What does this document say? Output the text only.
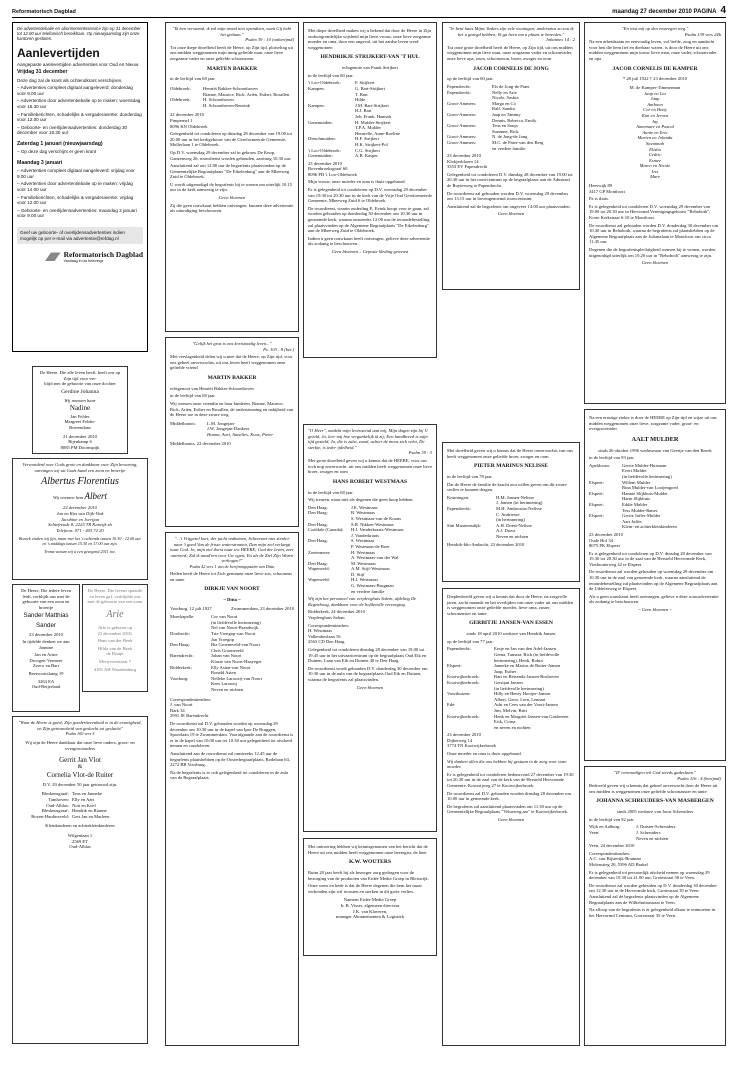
Reformatorisch Dagblad	maandag 27 december 2010 PAGINA 4
De advertentiebalie en abonnementsservice zijn op 31 december tot 12.00 uur telefonisch bereikbaar. Op nieuwjaarsdag zijn onze kantoren gesloten.
Aanlevertijden
Aangepaste aanlevertijden advertenties voor Oud en Nieuw.
Vrijdag 31 december
Deze dag zal de krant als ochtendkrant verschijnen.
– Advertenties compleet digitaal aangeleverd: donderdag voor 9.00 uur
– Advertenties door advertentiebalie op te maken: woensdag voor 15.30 uur
– Familieberichten, schadelijks & vergaderavertie: donderdag voor 12.00 uur
– Geboorte- en overlijdensadvertenties: donderdag 30 december voor 18.30 uur
Zaterdag 1 januari (nieuwjaarsdag)
– Op deze dag verschijnt er geen krant
Maandag 3 januari
– Advertenties compleet digitaal aangeleverd: vrijdag voor 9.00 uur
– Advertenties door advertentiebalie op te maken: vrijdag voor 14.00 uur
– Familieberichten, schadelijks & vergaderavertie: vrijdag voor 12.00 uur
– Geboorte- en overlijdensadvertenties: maandag 3 januari voor 9.00 uur
Geef uw geboorte- of overlijdensadvertenties indien mogelijk op per e-mail via advertentie@refdag.nl
Reformatorisch Dagblad
Vandaag in uw belevings
De Heere, Die alle leven heeft, heeft ons op Zijn tijd voor ver-
blijd met de geboorte van onze dochter
Gerdine Johanna
Wij noemen haar
Nadine
Jan Felder
Margreet Felder-
Boerendans
21 december 2010
Bijenkamp 6
8085 PM Doornspijk
Verwonderd over Gods grote en dankbaar voor Zijn bewaring, ontvingen wij uit Gods hand een zoon en broertje
Albertus Florentius
Wij noemen hem Albert
22 december 2010
Jan en Rixt van Dijk-Vink
Jacobine en Jorrijan
Schiefrende 8, 2225 TR Katwijk zh
Telefoon: 071 - 403 72 20
Bezoek vinden wij fijn, maar met het 's ochtends tussen 10.30 - 12.00 uur en 's middags tussen 15.30 en 17.00 uur zijn.
Tromz vanum wij u een gezegend 2011 toe.
De Heere, Die iedere leven leidt, verblijdt ons met de geboorte van een zoon en broertje
Sander Matthias
Sander
23 december 2010
In tijdelde denken we aan Jannine
Jan en Arine
Droogen-Vermeer
Zoeco en Bart
Beetvoortslaing 19
3263 EA
Oud-Beijerland
De Heere, Die levens spaarde en leven gaf, verblijdde ons met de geboorte van een zoon
Arie
Arie is geboren op
23 december 2010.
Hans van der Beek
Hilda van de Beek
de Bruijn
Mooywenstraat 7
4181 AH Waardenburg
"Want de Heere is goed; Zijn goedertierenheid is in de eeuwigheid, en Zijn getrouwheid van geslacht tot geslacht"
Psalm 100 vers 5
Wij zijn de Heere dankbaar dat onze lieve ouders, groot- en overgrootouders
Gerrit Jan Vlot
&
Cornelia Vlot-de Ruiter
D.V. 29 december 50 jaar getrouwd zijn.
Bleskensgraaf: Teus en Janneke
Tamhoven: Elly en Aart
Oud-Alblas: Noti en Koel
Bleskensgraaf: Hendrik en Rianne
Boven-Hardinxveld: Gert Jan en Marleen
Kleinkinderen en achterkleinkinderen
Wilgenlaan 1
2569 ET
Oud-Alblas
"Ik ben verstomd, ik zal mijn mond niet opendoen, want Gij hebt het gedaan."
Psalm 39 : 10 (onberijmd)
Tot onze diepe droefheid heeft de Heere, op Zijn tijd, plotseling uit ons midden weggenomen mijn innig geliefde man, onze lieve zorgzame vader en onze geliefde schoonzoon
MARTEN BAKKER
in de leeftijd van 68 jaar.
Oldebroek:	Henriët Bakker-Schoonhoven
Rianne, Maurice, Rick, Arièn, Esther, Rosallen
Oldebroek:	H. Schoonhoven
H. Schoonhoven-Reurink
22 december 2010
Pimpernel 1
8096 KN Oldebroek
Gelegenheid tot condoleren op dinsdag 28 december van 19.00 tot 20.00 uur in het kerkgebouw van de Gereformeerde Gemeente, Mullerlaan 1 te Oldebroek.
Op D.V. woensdag 29 december zal in gebouw De Knop, Ganzenweg 26, rouwdienst worden gehouden, aanvang 10.30 uur.
Aansluitend zal om 12.00 uur de begrafenis plaatsvinden op de Gemeentelijke Begraafplaats "De Eikelenburg" aan de Mheeweg Zuid te Oldebroek.
U wordt uitgenodigd de begrafenis bij te wonen om uiterlijk 10.15 uur in de kerk aanwezig te zijn.
Geen bloemen
Zij die geen rouwkaart hebben ontvangen, kunnen deze advertentie als uitnodiging beschouwen.
"Gelijk het gras is ons kortstondig leven..."
Ps. 103 : 8 (ber.)
Met verslagenheid delen wij u mee dat de Heere, op Zijn tijd, voor ons geheel onverwachts, uit ons leven heeft weggenomen onze geliefde vriend
MARTIN BAKKER
echtgenoot van Henriët Bakker-Schoonhoven
in de leeftijd van 68 jaar.
Wij wensen onze vriendin en haar kinderen, Rianne, Maurice, Rick, Arièn, Esther en Rosallen, de ondersteuning en nabijheid van de Heere toe in deze zware weg.
Middelharnis:	L.M. Jongejan-
J.W. Jongejan-Dankers
Hanna, Aart, Annelies, Koos, Pieter
Middelharnis, 22 december 2010
"...'t Vrijgezel kort, der jacht ontkomen, Schreeuwt niet sterker naar 't goed Van de frisse waterstromen, Dan mijn ziel verlangt naar God. Ja, mijn ziel dorst naar uw HEERE; God der leven, zeer ontroerd; Zal ik naad'ren voor Uw ogen; En als de Ziel Zijn Wezen verhogen?"
Psalm 42 vers 1 van de berijmingspsalm van Dittu
Heden heeft de Heere tot Zich genomen onze lieve zus, schoonzus en tante
DIRKJE VAN NOORT
~ Ditta ~
Voorburg, 12 juli 1927	Zwammerdam, 23 december 2010
Moerkapelle:	Cor van Noort
(in liefdevolle herinnering)
Nel van Noort-Brandwijk
Dordrecht:	Trie Vroegop-van Noort
Jan Vroegop
Den Haag:	Bia Groeneveld-van Noort
Chris Groeneveld
Barendrecht:	Johan van Noort
Klazie van Noort-Haayeger
Ridderkerk:	Elly Asten-van Noort
Ronald Asten
Voorburg:	Nelleke Laroozij-van Noort
Kees Laroozij
Neven en nichten
Correspondentieadres:
J. van Noort
Bark 34
2991 JE Barendrecht
De rouwdienst zal D.V. gehouden worden op woensdag 29 december om 10.30 uur in de kapel van Ipse De Bruggen, Spoorlaan 19 te Zwammerdam. Voorafgaande aan de rouwdienst is er in de kapel van 10.00 uur tot 10.30 uur gelegenheid tot afscheid nemen en condoleren.
Aansluitend aan de rouwdienst zal omstreeks 12.45 uur de begrafenis plaatshebben op de Oosterbegraafplaats, Rodelaan 64, 2272 BB Voorburg.
Na de begrafenis is er ook gelegenheid tot condoleren in de aula van de Begraafplaats.
Met diepe droefheid maken wij u bekend dat door de Heere in Zijn ondoorgrondelijke wijsheid mijn lieve vrouw, onze lieve zorgzame moeder en oma, door een ongeval, uit het aardse leven werd weggenomen
HENDRIKJE STRIJKERT-VAN 'T HUL
echtgenote van Frank Strijkert
in de leeftijd van 60 jaar.
't Loo-Oldebroek:	F. Strijkert
Kampen:	G. Bart-Strijkert
T. Bart
Hilde
Kampen:	J.M. Bart-Strijkert
H.J. Bart
Job, Frank, Hannah
Genemuiden:	H. Mulder-Strijkert
T.P.A. Mulder
Henrielle, Anne-Roeline
Dieschmuiden:	H.F. Strijkert
H.K. Strijkert-Pol
't Loo-Oldebroek:	C.G. Strijkert
Genemuiden:	A.B. Kasper
23 december 2010
Bovenbroeksgraaf 60
8096 PD 't Loo-Oldebroek
Mijn vrouw, onze moeder en oma is thuis opgebaard.
Er is gelegenheid tot condoleren op D.V. woensdag 29 december van 19.30 tot 20.30 uur in de kerk van de Vrije Oud Gereformeerde Gemeente, Mheeweg Zuid 6 te Oldebroek.
De rouwdienst, waarin ouderling E. Evink hoopt voor te gaan, zal worden gehouden op donderdag 30 december om 10.30 uur in genoemde kerk, waarna omstreeks 12.00 uur de teraardebestelling zal plaatsvinden op de Algemene Begraafplaats "De Eikelenburg" aan de Mheeweg Zuid te Oldebroek.
Indien u geen rouwkaart heeft ontvangen, gelieve deze advertentie als zodanig te beschouwen.
Geen bloemen – Gepaste kleding gewenst
"O Heer", ontdekt mijn levenseind aan mij, Mijn dagen zijn bij U geteld, Ja, leer mij hoe vergankelijk ik zij; Een handbreed is mijn tijd gesteld, Ja, die is zulst, zozal, achter de mens zich velet, De sterkte, is ieder ijdelheid."
Psalm 39 : 3
Met grote droefheid geven wij u kennis dat de HEERE, voor ons toch nog onverwacht, uit ons midden heeft weggenomen onze lieve broer, zwager en oom
HANS ROBERT WESTMAAS
in de leeftijd van 68 jaar.
Wij treuren, maar niet als degenen die geen hoop hebben.
Den Haag:	J.E. Westmaas
Den Haag:	B. Westmaas
S. Westmaas-van de Kraats
Den Haag:	S.B. Nikken-Westmaas
Coaldale (Canada):	H.J. Vanderkraats-Westmaas
J. Vanderkraats
Den Haag:	S. Westmaas
P. Westmaas-de Boer
Zoetermeer:	H. Westmaas
A. Westmaas-van der Wal
Den Haag:	M. Westmaas
Wapenveld:	A.M. Stijf-Westmaas
D. Stijf
Wapenveld:	H.J. Westmaas
G. Westmaas-Brugman
en verdere familie
Wij zijn het personeel van verpleeghuis Salem, afdeling De Regenboog, dankbaar voor de liefdevolle verzorging.
Ridderkerk, 24 december 2010
Verpleeghuis Salem
Correspondentieadres:
H. Westmaas
Valkenboslaan 16
2563 CD Den Haag
Gelegenheid tot condoleren dinsdag 28 december van 19.00 tot 19.45 uur in het uitvaartcentrum op de begraafplaats Oud Eik en Duinen, Laan van Eik en Duinen 40 te Den Haag.
De rouwdienst wordt gehouden D.V. donderdag 30 december om 10.30 uur in de aula van de begraafplaats Oud Eik en Duinen, waarna de begrafenis zal plaatsvinden.
Geen bloemen
Met ontroering hebben wij kennisgenomen van het bericht dat de Heere uit ons midden heeft weggenomen onze beeregtsr, de heer
K.W. WOUTERS
Ruim 20 jaar heeft hij als bezorger zorg gedragen voor de bezorging van de producten van Erdee Media Groep in Bleiswijk.
Onze wens en bede is dat de Heere degenen die hem het naast verbonden zijn wil troosten en sterken in dit grote verlies.
Namens Erdee Media Groep
Ir. B. Visser, algemeen directeur
J.K. van Klaveren,
manager Abonnementen & Logistiek
"Je bent haas Mijns Vaders zijn vele woningen; anderszins zo zou ik het u gezegd hebben; Ik ga heen om u plaats te bereiden."
Johannes 14 : 2
Tot onze grote droefheid heeft de Heere, op Zijn tijd, uit ons midden weggenomen mijn lieve man, onze zorgzame vader en schoonvader, onze lieve opa, zoon, schoonzoon, broer, zwager en oom
JACOB CORNELIS DE JONG
op de leeftijd van 60 jaar.
Papendrecht:	Els de Jong-de Pater
Papendrecht:	Nelly en Arie
Nicole, Saskia
Groot-Ammers:	Marga en Co
Ralf, Sandra
Groot-Ammers:	Jaap en Tammy
Dennis, Rebecca, Emily
Groot-Ammers:	Teus en Sonja
Suzanne, Rick
Groot-Ammers:	N. de Jong-de Jong
Groot-Ammers:	M.C. de Pater-van den Berg
en verdere familie
23 december 2010
Klokjesbloem 14
3353 EV Papendrecht
Gelegenheid tot condoleren D.V. dinsdag 28 december van 19.00 tot 20.30 uur in het rouwcentrum op de begraafplaats aan de Admiraal de Ruyterweg te Papendrecht.
De rouwdienst zal gehouden worden D.V. woensdag 29 december om 13.15 uur in bovengenoemd rouwcentrum.
Aansluitend zal de begrafenis om ongeveer 14.00 uur plaatsvinden.
Geen bloemen
Met droefheid geven wij u kennis dat de Heere onverwachts van ons heeft weggenomen onze geliefde broer, zwager en oom
PIETER MARINUS NELISSE
in de leeftijd van 78 jaar.
Dat de Heere de familie de kracht zou willen geven om dit zware verlies te kunnen dragen.
Kruiningen:	H.M. Jansen-Nelisse
J. Jansen (in herinnering)
Papendrecht:	M.H. Ambrosius-Nelisse
C. Andriesse
(in herinnering)
Sint Maartensdijk:	A.H. Doest-Nelisse
A.J. Doest
Neven en nichten
Hendrik-Ido-Ambacht, 23 december 2010
Diepbedroefd geven wij u kennis dat door de Heere, na zorgvolle jaren, zacht maande en het overlijden van onze vader uit ons midden is weggenomen onze geliefde moeder, lieve oma, zuster, schoonzuster en tante
GERBITJE JANSEN-VAN ESSEN
sinds 18 april 2010 weduwe van Hendrik Jansen
op de leeftijd van 77 jaar.
Papendrecht:	Eesje en Jan van den Adel-Jansen
Gerna, Tamara, Rick (in liefdevolle herinnering), Heidi, Robin
Elspeet:	Janneke en Marius de Ruiter-Jansen
Jaap, Esther
Kootwijkerbroek:	Bart en Betsenda Jansen-Boshoven
Kootwijkerbroek:	Gerrijan Jansen
(in liefdevolle herinnering)
Voorthuizen:	Hilly en Henry Hooijer-Jansen
Albert, Gerw, Lern, Lennart
Ede:	Adri en Cees van der Voort-Jansen
Jim, Melvin, Britt
Kootwijkerbroek:	Henk en Margriet Jansen-van Gardereen
Erik, Corna
en neven en nichten
23 december 2010
Dijkerweg 14
3774 TN Kootwijkerbroek
Onze moeder en oma is thuis opgebaard.
Wij danken allen die ons hebben bij gestaan in de zorg voor onze moeder.
Er is gelegenheid tot condoleren bedensvond 27 december van 19.30 tot 20.30 uur in de zaal van de kerk van de Hersteld Hervormde Gemeente, Kosterijweg 27 te Kootwijkerbroek.
De rouwdienst zal D.V. gehouden worden dinsdag 28 december om 10.00 uur in genoemde kerk.
De begrafenis zal aansluitend plaatsvinden om 11.30 uur op de Gemeentelijke Begraafplaats "Velueweg,aar" te Kootwijkerbroek.
Geen bloemen
"En wist mij op den ewaregen weg."
Psalm 139 vers 24b
Na een arbeidzaam en eenvoudig leven, vol liefde, zorg en aandacht voor hen die hem lief en dierbaar waren, is door de Heere uit ons midden weggenomen mijn trouw lieve man, onze vader, schoonvader en opa
JACOB CORNELIS DE KAMPER
* 28 juli 1922 † 23 december 2010
M. de Kamper-Timmerman
Jaap en Lia
Jaap
Anthoon
Cor en Hetty
Kim en Jeroen
Jay
Annemare en Pascal
Annie en Eric
Marien en Jolanda
Savannah
Elisha
Cedric
Esmee
Marco en Nicole
Iris
Mare
Heeswijk 89
3417 GP Montfoort
Pa is thuis.
Er is gelegenheid tot condoleren D.V. woensdag 29 december van 19.00 tot 20.30 uur in Hervormd Verenigingsgebouw "Rehoboth", Korte Kerkstraat 6-10 te Montfoort.
De rouwdienst zal gehouden worden D.V. donderdag 30 december om 10.30 uur in Rehoboth, waarna de begrafenis zal plaatshebben op de Algemene Begraafplaats aan de Julianalaan te Montfoort om circa 11.45 uur.
Degenen die de begrafenisplechtigheid wensen bij te wonen, worden uitgenodigd uiterlijk om 10.20 uur in "Rehoboth" aanwezig te zijn.
Geen bloemen
Na een ernstige ziekte is door de HEERE op Zijn tijd en wijze uit ons midden weggenomen onze lieve, zorgzame vader, groot- en overgrootvader
AALT MULDER
sinds 26 oktober 1996 weduwnaar van Geertje van den Broek
in de leeftijd van 93 jaar.
Apeldoorn:	Gerrie Mulder-Huisman
Evert Mulder
(in liefdevolle herinnering)
Elspeet:	Willem Mulder
Rina Mulder-van Looijengoed
Elspeet:	Hannie Slijkhuis-Mulder
Harm Slijkhuis
Elspeet:	Eddie Mulder
Tess Mulder-Ranes
Elspeet:	Gerrie Juffer-Mulder
Aart Juffer
Klein- en achterkleinkinderen
23 december 2010
Oude Hof 34
8075 PK Elspeet
Er is gelegenheid tot condoleren op D.V. dinsdag 28 december van 19.30 tot 20.30 uur in de zaal van de Hersteld Hervormde Kerk, Vierhouterweg 42 te Elspeet.
De rouwdienst zal worden gehouden op woensdag 29 december om 10.30 uur in de zaal van genoemde kerk, waarna aansluitend de teraardebestelling zal plaatsvinden op de Algemene Begraafplaats aan de Uddelerweg te Elspeet.
Als u geen rouwkaart heeft ontvangen, gelieve u deze rouwadvertentie als zodanig te beschouwen.
~ Geen bloemen ~
"D' eenvoudigen wil God steeds gadeslaan."
Psalm 116 : 4 (berijmd)
Bedroefd geven wij u kennis dat geheel onverwacht door de Heere uit ons midden is weggenomen onze geliefde schoonzuster en tante
JOHANNA SCHREUDERS-VAN MASBERGEN
sinds 2005 weduwe van Joost Schreuders
in de leeftijd van 92 jaar.
Wijk en Aalburg:	J. Duister-Schreuders
Veen:	J. Schreuders
Neven en nichten
Veen, 24 december 2010
Correspondentieadres:
A.C. van Bijsterijk-Bouman
Molenstieg 20, 5396 AD Brakel
Er is gelegenheid tot persoonlijk afscheid nemen op woensdag 29 december van 19.30 tot 21.00 uur, Grotestraat 58 te Veen.
De rouwdienst zal worden gehouden op D.V. donderdag 30 december om 12.30 uur in de Hervormde kerk, Grotestraat 39 te Veen. Aansluitend zal de begrafenis plaatsvinden op de Algemene Begraafplaats aan de Wilhelminastraat te Veen.
Na afloop van de begrafenis is er gelegenheid elkaar te ontmoeten in het Hervormd Centrum, Grotestraat 35 te Veen.
